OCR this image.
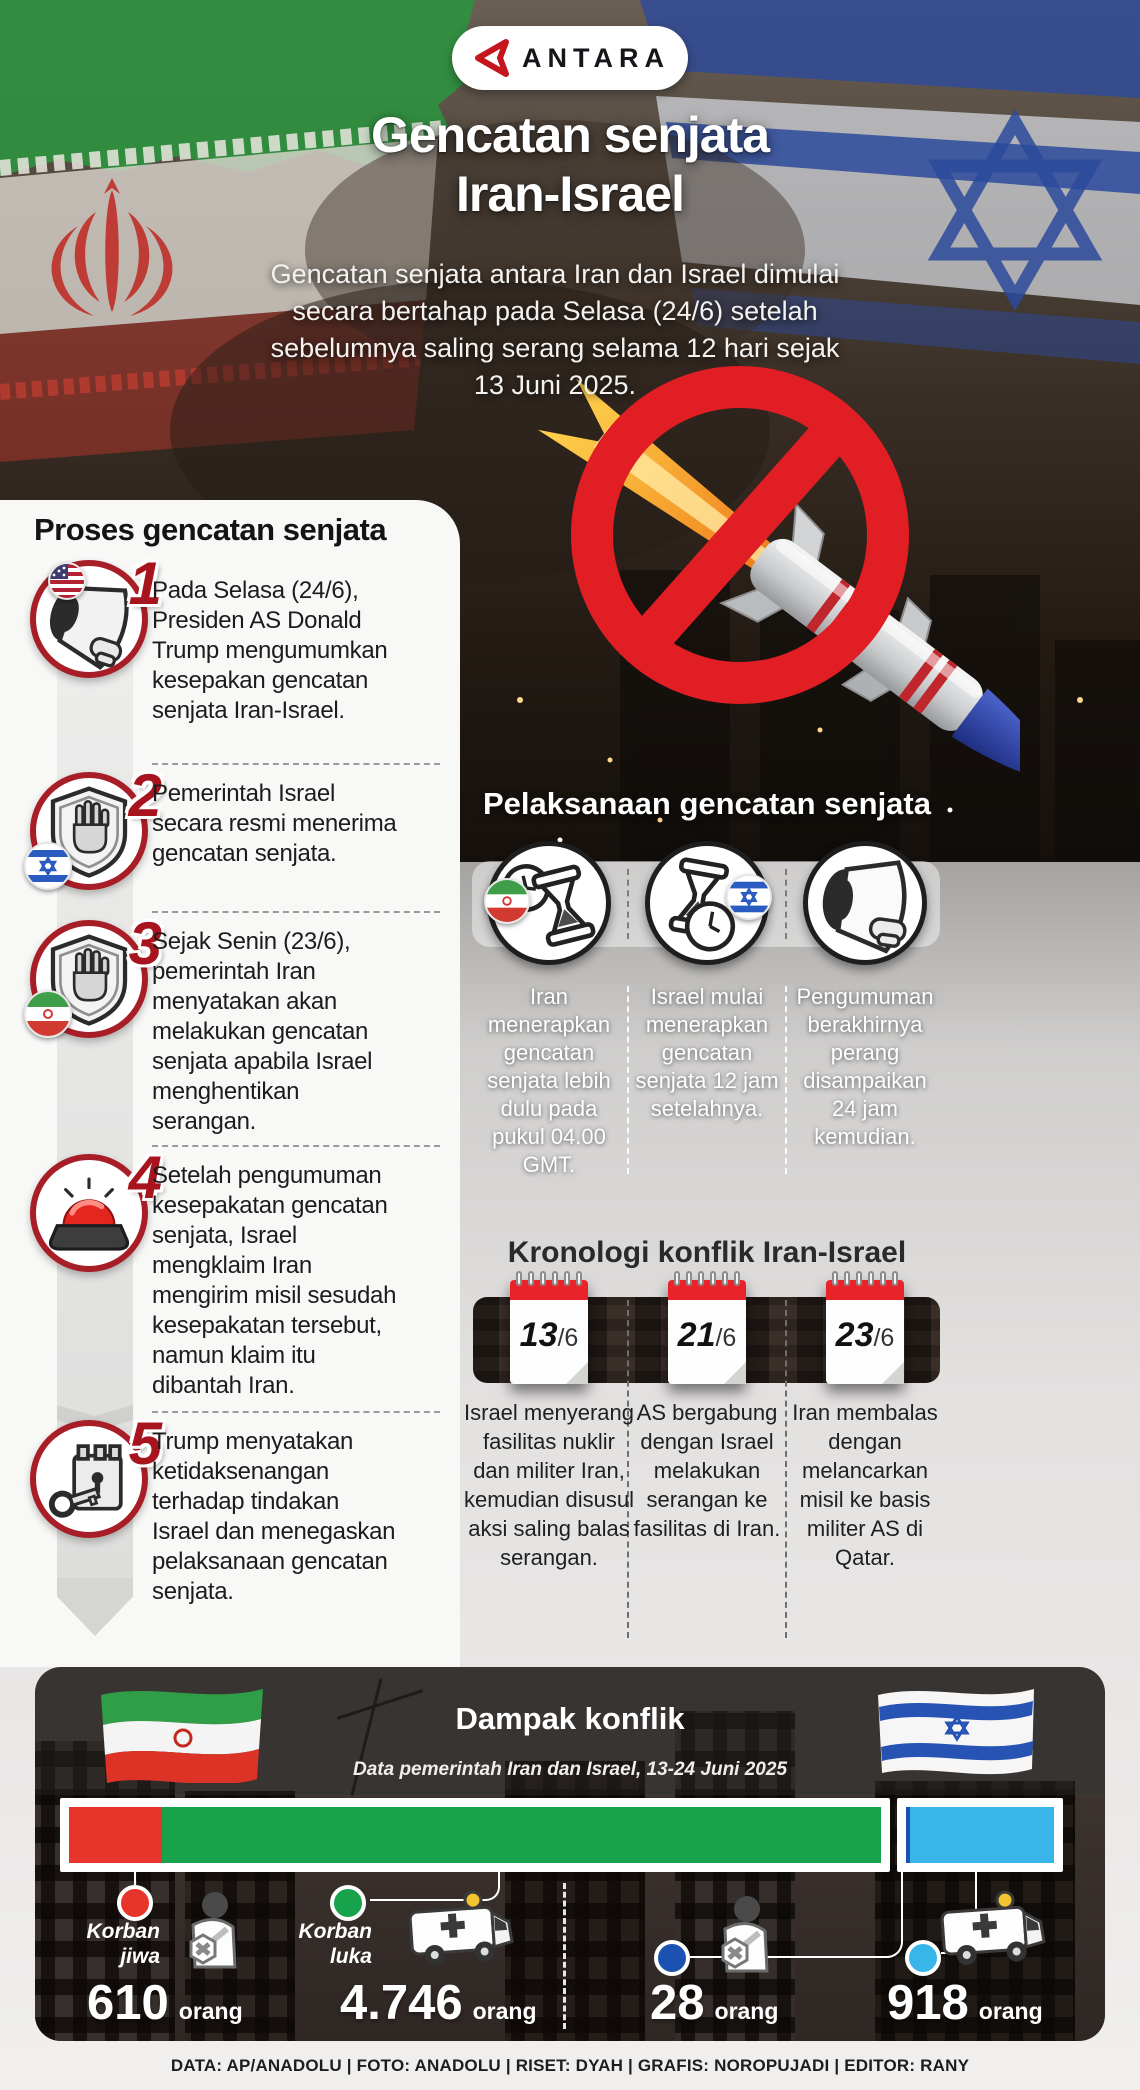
ANTARA
Gencatan senjata
Iran-Israel
Gencatan senjata antara Iran dan Israel dimulai secara bertahap pada Selasa (24/6) setelah sebelumnya saling serang selama 12 hari sejak 13 Juni 2025.
Proses gencatan senjata
1
Pada Selasa (24/6), Presiden AS Donald Trump mengumumkan kesepakan gencatan senjata Iran-Israel.
2
Pemerintah Israel secara resmi menerima gencatan senjata.
3
Sejak Senin (23/6), pemerintah Iran menyatakan akan melakukan gencatan senjata apabila Israel menghentikan serangan.
4
Setelah pengumuman kesepakatan gencatan senjata, Israel mengklaim Iran mengirim misil sesudah kesepakatan tersebut, namun klaim itu dibantah Iran.
5
Trump menyatakan ketidaksenangan terhadap tindakan Israel dan menegaskan pelaksanaan gencatan senjata.
Pelaksanaan gencatan senjata
Iran menerapkan gencatan senjata lebih dulu pada pukul 04.00 GMT.
Israel mulai menerapkan gencatan senjata 12 jam setelahnya.
Pengumuman berakhirnya perang disampaikan 24 jam kemudian.
Kronologi konflik Iran-Israel
13/6	21/6	23/6
Israel menyerang fasilitas nuklir dan militer Iran, kemudian disusul aksi saling balas serangan.
AS bergabung dengan Israel melakukan serangan ke fasilitas di Iran.
Iran membalas dengan melancarkan misil ke basis militer AS di Qatar.
Dampak konflik
Data pemerintah Iran dan Israel, 13-24 Juni 2025
Korban jiwa
Korban luka
610 orang 4.746 orang 28 orang 918 orang
DATA: AP/ANADOLU | FOTO: ANADOLU | RISET: DYAH | GRAFIS: NOROPUJADI | EDITOR: RANY
